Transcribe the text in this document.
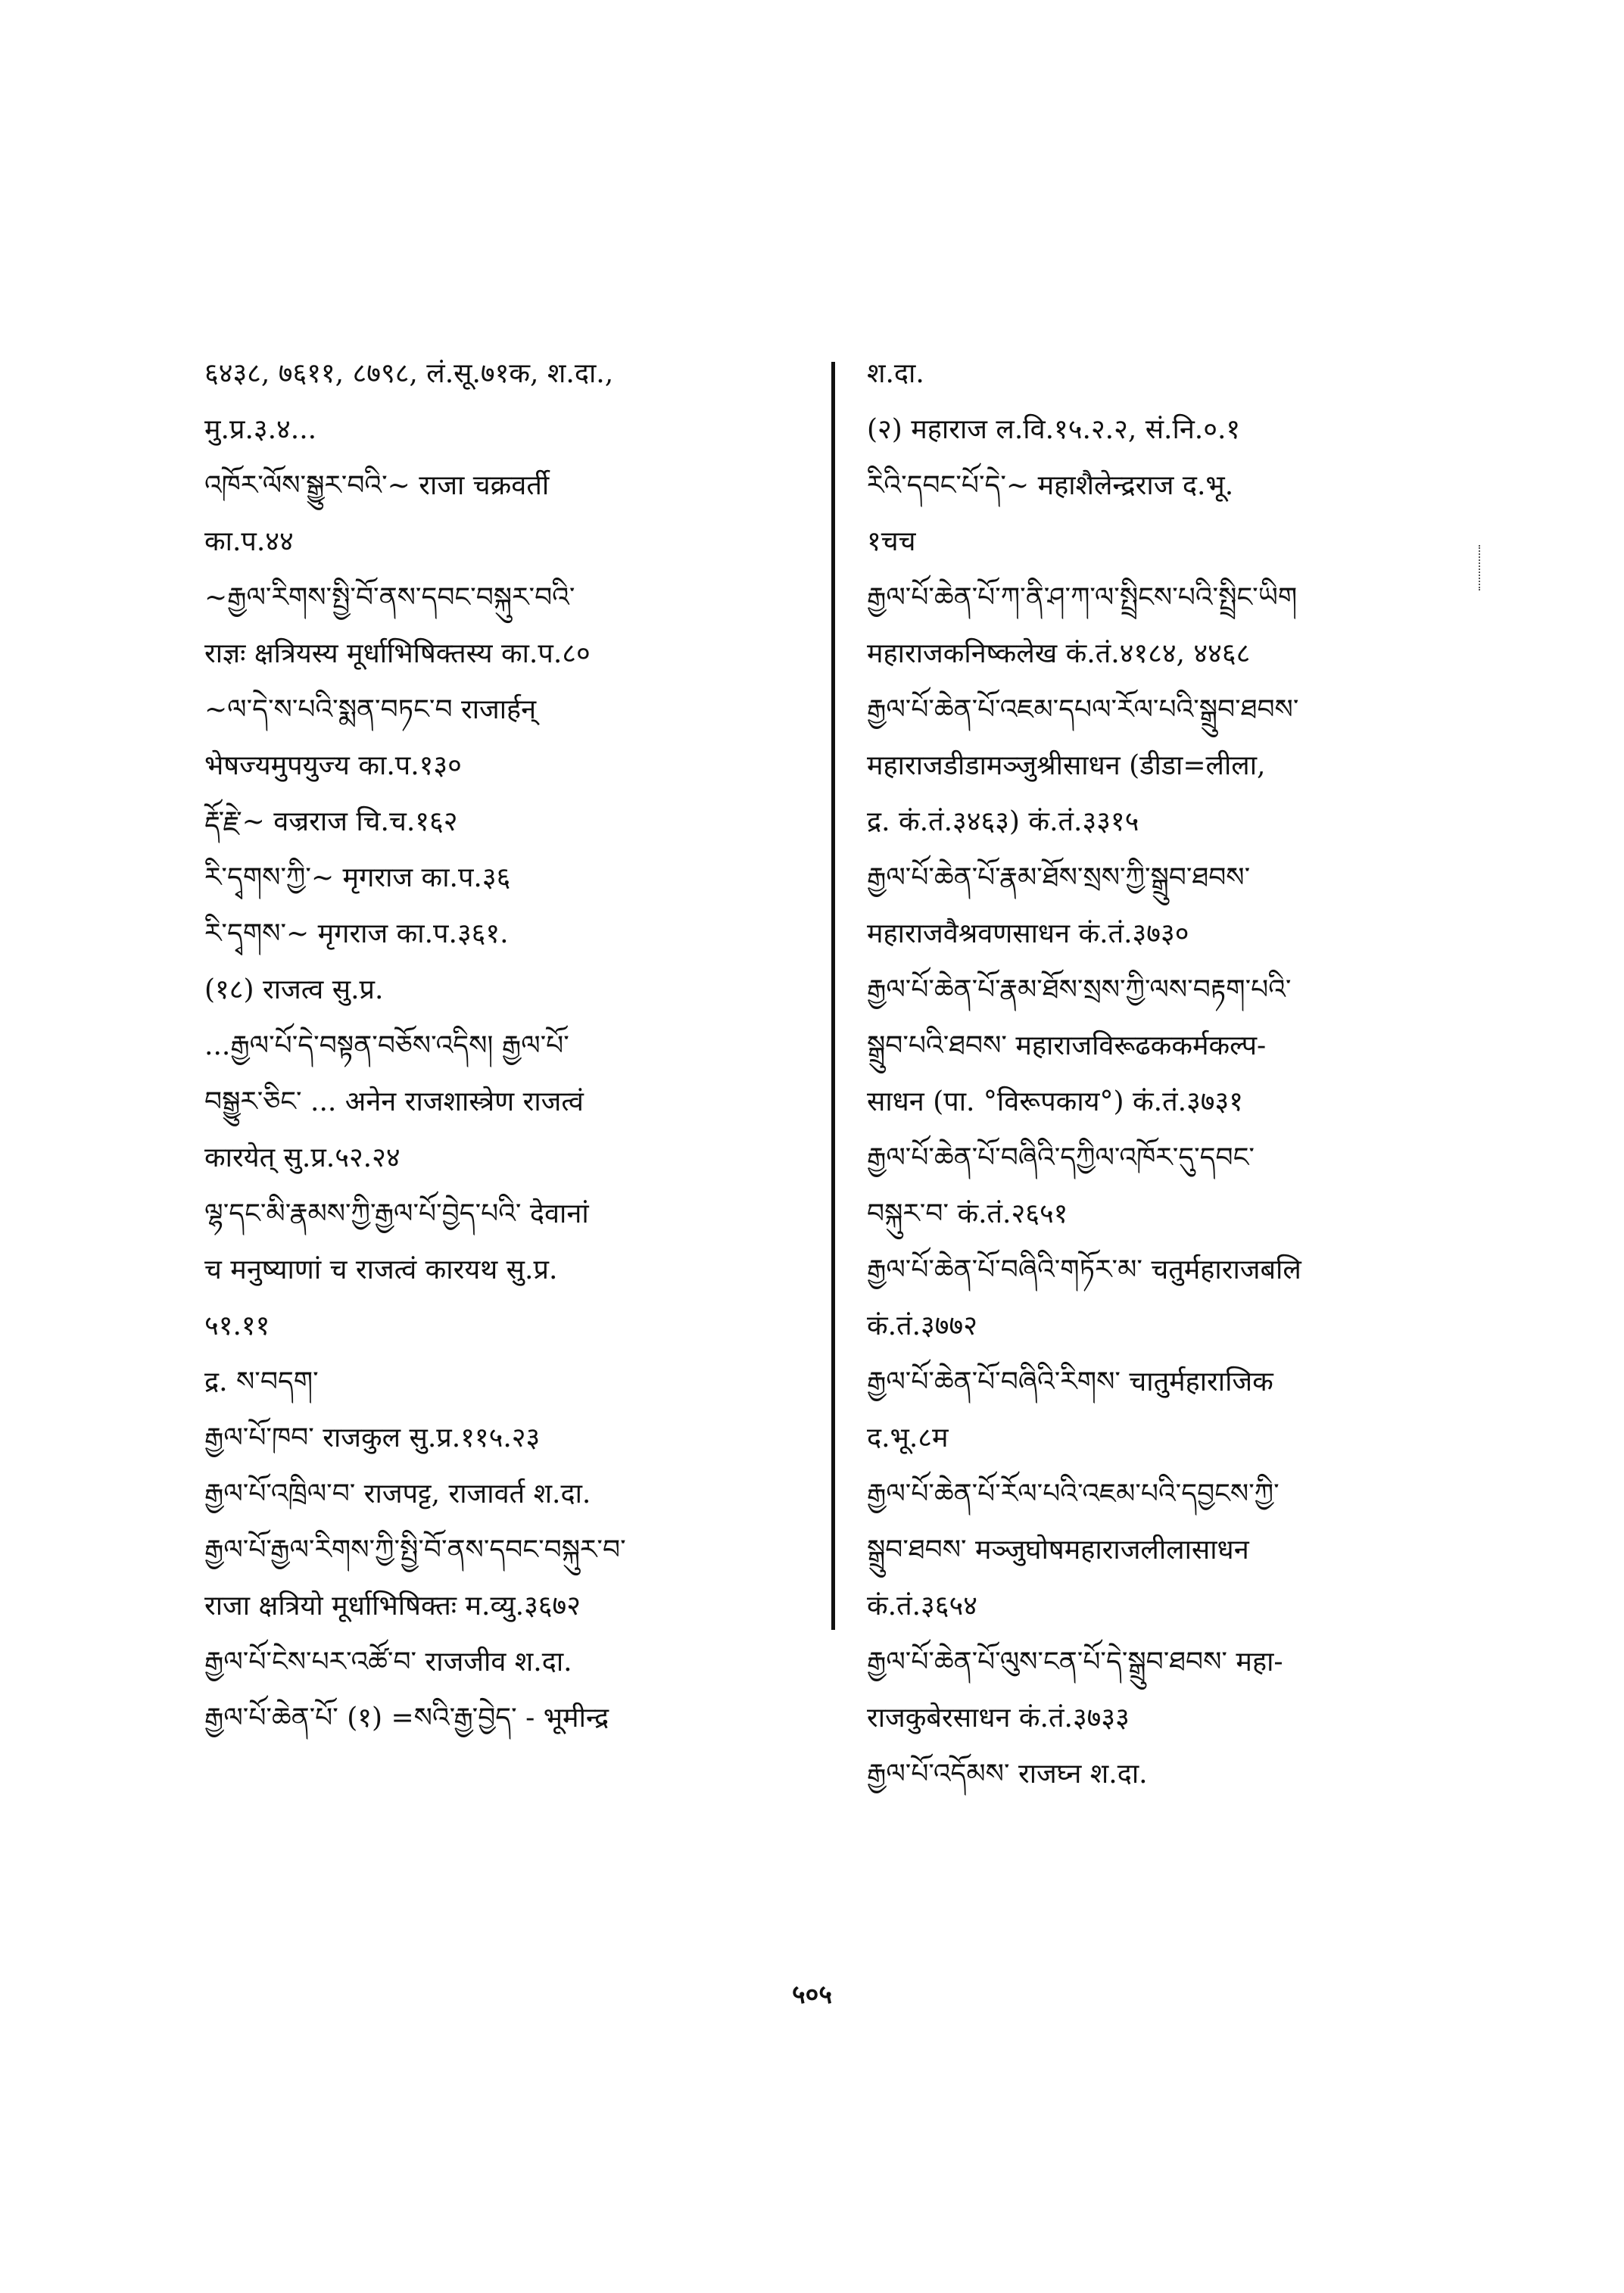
६४३८, ७६११, ८७९८, लं.सू.७१क, श.दा.,
मु.प्र.३.४...
འཁོར་ལོས་སྒྱུར་བའི་~ राजा चक्रवर्ती
का.प.४४
~རྒྱལ་རིགས་སྤྱི་བོ་ནས་དབང་བསྐུར་བའི་
राज्ञः क्षत्रियस्य मूर्धाभिषिक्तस्य का.प.८०
~ལ་དེ་ས་པའི་སྨན་བཏང་བ राजार्हन्
भेषज्यमुपयुज्य का.प.१३०
རྡོ་རྗེ་~ वज्रराज चि.च.१६२
རི་དྭགས་ཀྱི་~ मृगराज का.प.३६
རི་དྭགས་~ मृगराज का.प.३६१.
(१८) राजत्व सु.प्र.
...རྒྱལ་པོ་དེ་བསྟན་བཅོས་འདིས། རྒྱལ་པོ་
བསྒྱུར་ཅིང་ ... अनेन राजशास्त्रेण राजत्वं
कारयेत् सु.प्र.५२.२४
ལྷ་དང་མི་རྣམས་ཀྱི་རྒྱལ་པོ་བྱེད་པའི་ देवानां
च मनुष्याणां च राजत्वं कारयथ सु.प्र.
५१.११
द्र. ས་བདག་
རྒྱལ་པོ་ཁབ་ राजकुल सु.प्र.११५.२३
རྒྱལ་པོ་འཁྲིལ་བ་ राजपट्ट, राजावर्त श.दा.
རྒྱལ་པོ་རྒྱལ་རིགས་ཀྱི་སྤྱི་བོ་ནས་དབང་བསྐུར་བ་
राजा क्षत्रियो मूर्धाभिषिक्तः म.व्यु.३६७२
རྒྱལ་པོ་ངེས་པར་འཚོ་བ་ राजजीव श.दा.
རྒྱལ་པོ་ཆེན་པོ་ (१) =སའི་རྒྱ་བྱེད་ - भूमीन्द्र
श.दा.
(२) महाराज ल.वि.१५.२.२, सं.नि.०.१
རིའི་དབང་པོ་དེ་~ महाशैलेन्द्रराज द.भू.
१चच
རྒྱལ་པོ་ཆེན་པོ་ཀ་ནི་ཤ་ཀ་ལ་སྤྲིངས་པའི་སྤྲིང་ཡིག
महाराजकनिष्कलेख कं.तं.४१८४, ४४६८
རྒྱལ་པོ་ཆེན་པོ་འཇམ་དཔལ་རོལ་པའི་སྒྲུབ་ཐབས་
महाराजडीडामञ्जुश्रीसाधन (डीडा=लीला,
द्र. कं.तं.३४६३) कं.तं.३३१५
རྒྱལ་པོ་ཆེན་པོ་རྣམ་ཐོས་སྲས་ཀྱི་སྒྲུབ་ཐབས་
महाराजवैश्रवणसाधन कं.तं.३७३०
རྒྱལ་པོ་ཆེན་པོ་རྣམ་ཐོས་སྲས་ཀྱི་ལས་བརྟག་པའི་
སྒྲུབ་པའི་ཐབས་ महाराजविरूढककर्मकल्प-
साधन (पा. °विरूपकाय°) कं.तं.३७३१
རྒྱལ་པོ་ཆེན་པོ་བཞིའི་དཀྱིལ་འཁོར་དུ་དབང་
བསྐུར་བ་ कं.तं.२६५१
རྒྱལ་པོ་ཆེན་པོ་བཞིའི་གཏོར་མ་ चतुर्महाराजबलि
कं.तं.३७७२
རྒྱལ་པོ་ཆེན་པོ་བཞིའི་རིགས་ चातुर्महाराजिक
द.भू.८म
རྒྱལ་པོ་ཆེན་པོ་རོལ་པའི་འཇམ་པའི་དབྱངས་ཀྱི་
སྒྲུབ་ཐབས་ मञ्जुघोषमहाराजलीलासाधन
कं.तं.३६५४
རྒྱལ་པོ་ཆེན་པོ་ལུས་ངན་པོ་དེ་སྒྲུབ་ཐབས་ महा-
राजकुबेरसाधन कं.तं.३७३३
རྒྱལ་པོ་འདོམས་ राजघ्न श.दा.
५०५
